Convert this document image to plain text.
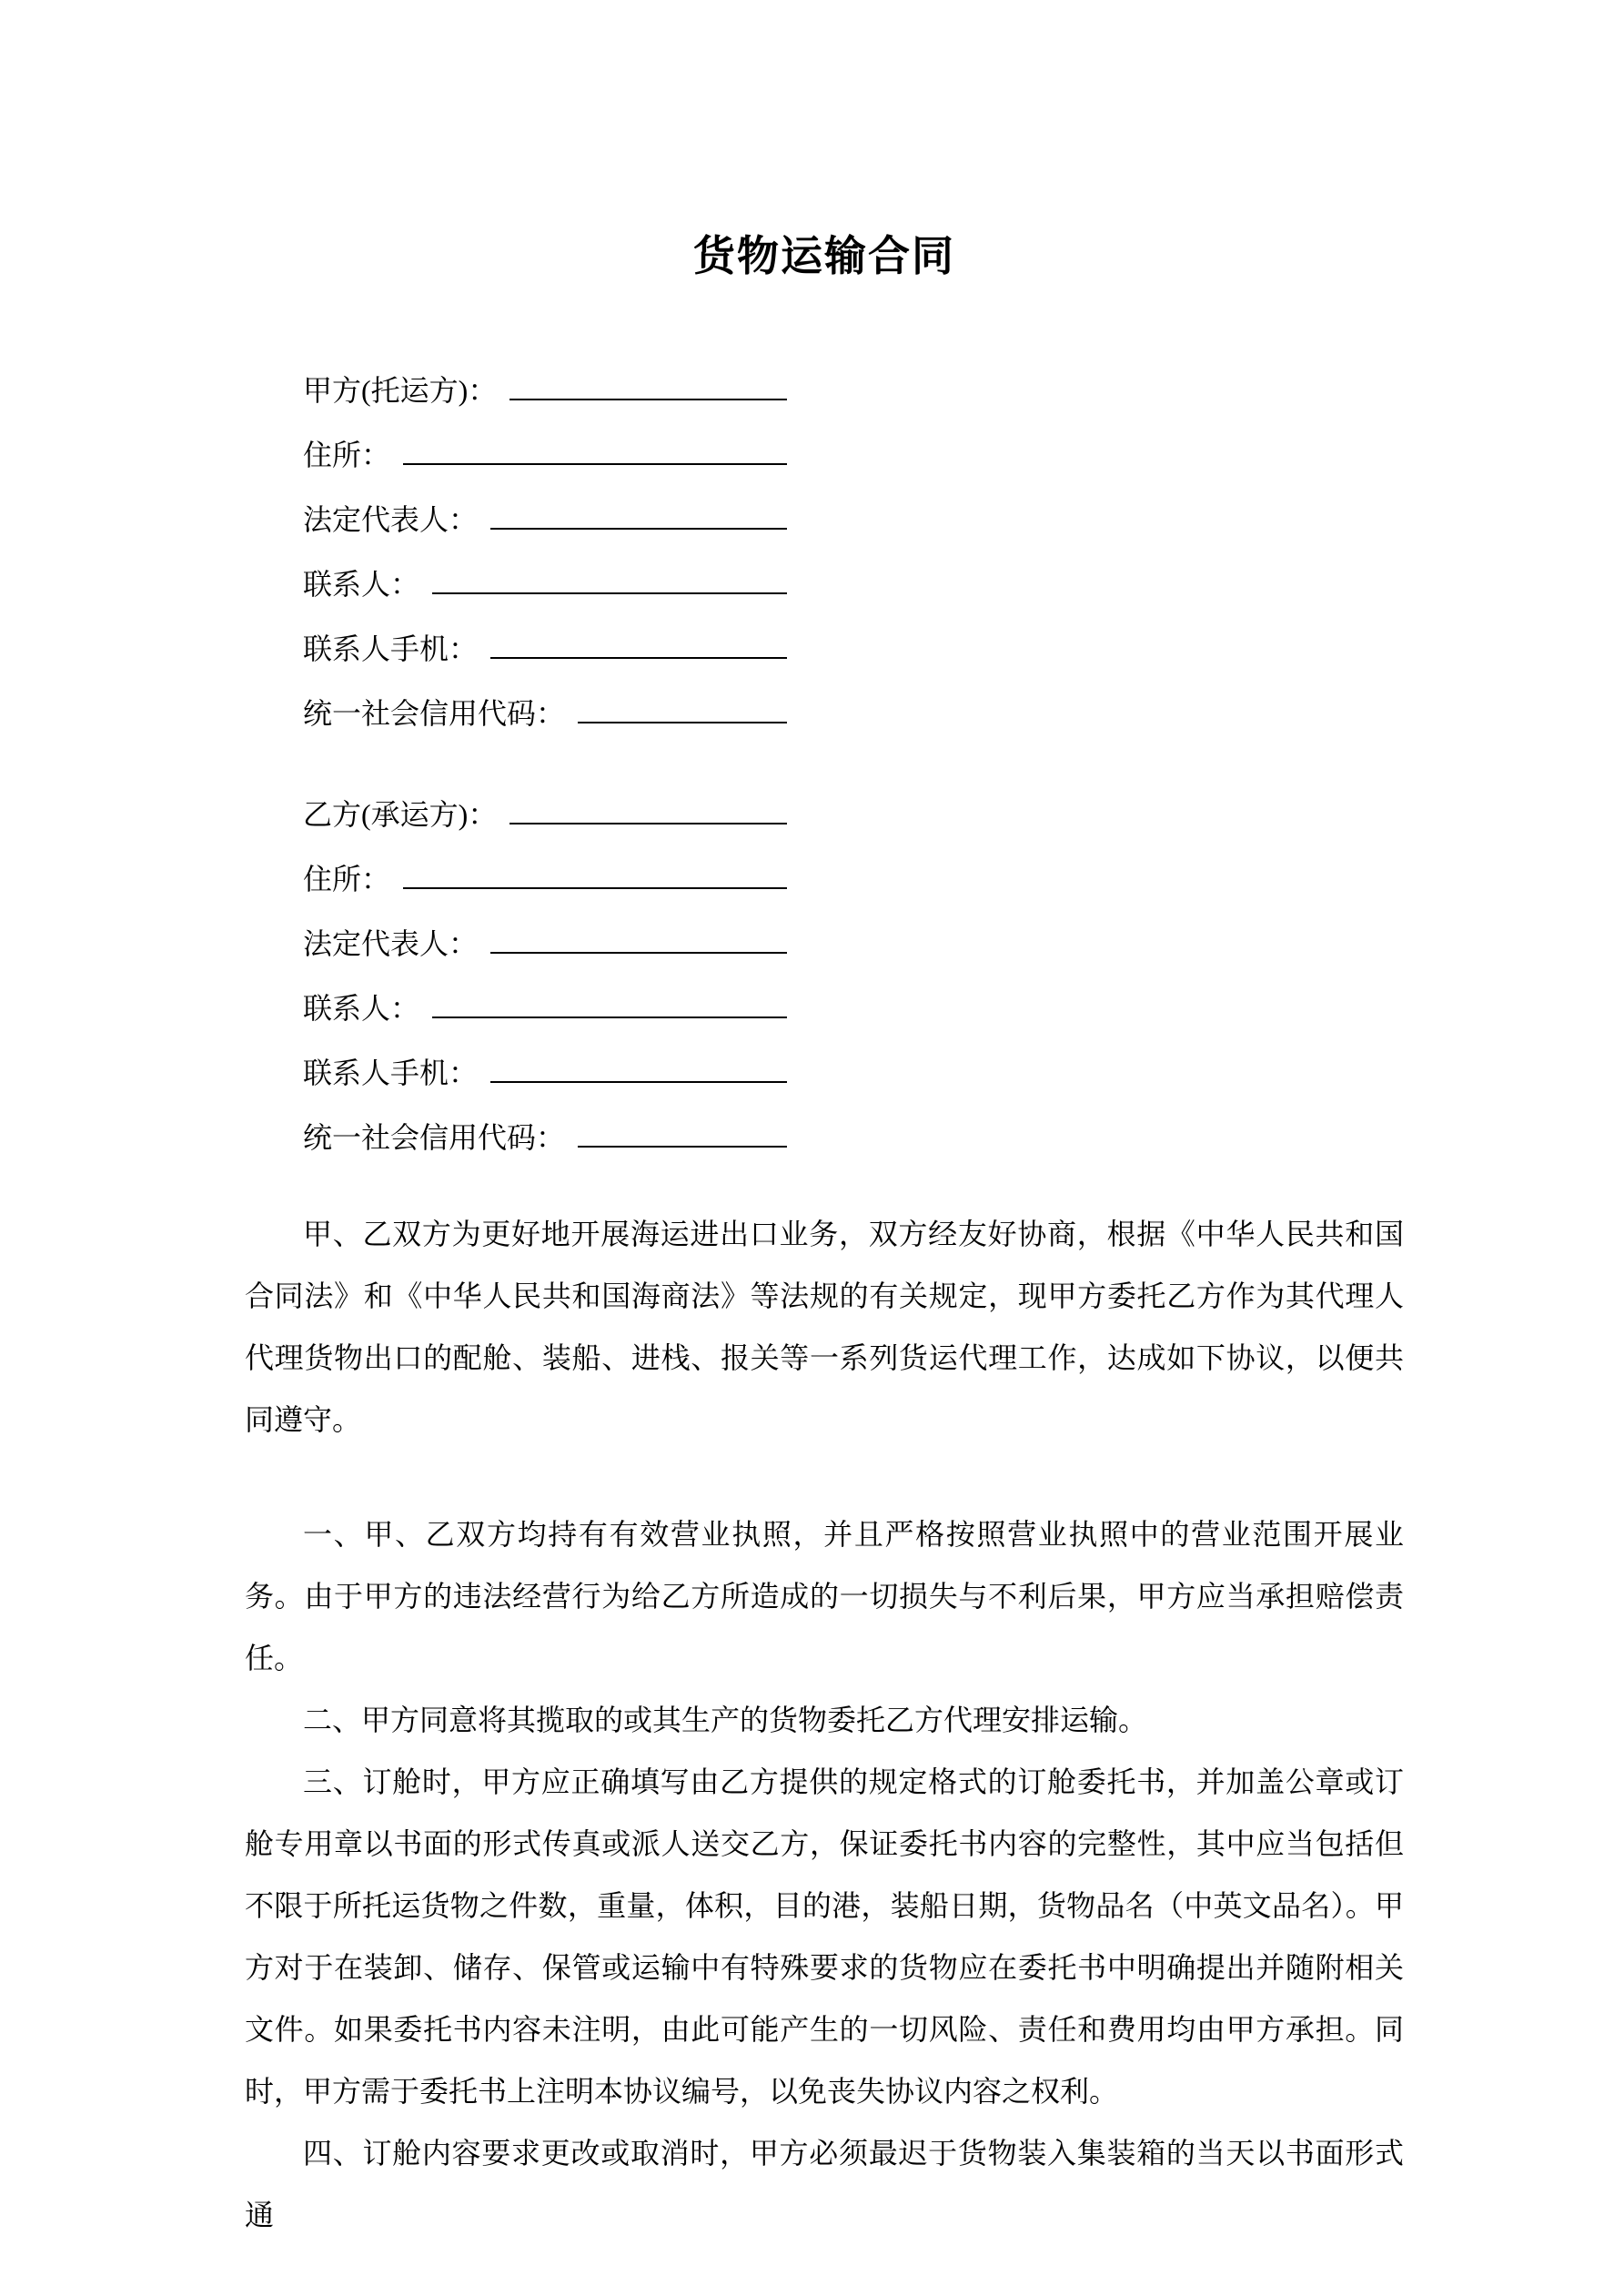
货物运输合同
甲方(托运方)：
住所：
法定代表人：
联系人：
联系人手机：
统一社会信用代码：
乙方(承运方)：
住所：
法定代表人：
联系人：
联系人手机：
统一社会信用代码：

甲、乙双方为更好地开展海运进出口业务，双方经友好协商，根据《中华人民共和国合同法》和《中华人民共和国海商法》等法规的有关规定，现甲方委托乙方作为其代理人代理货物出口的配舱、装船、进栈、报关等一系列货运代理工作，达成如下协议，以便共同遵守。

一、甲、乙双方均持有有效营业执照，并且严格按照营业执照中的营业范围开展业务。由于甲方的违法经营行为给乙方所造成的一切损失与不利后果，甲方应当承担赔偿责任。

二、甲方同意将其揽取的或其生产的货物委托乙方代理安排运输。

三、订舱时，甲方应正确填写由乙方提供的规定格式的订舱委托书，并加盖公章或订舱专用章以书面的形式传真或派人送交乙方，保证委托书内容的完整性，其中应当包括但不限于所托运货物之件数，重量，体积，目的港，装船日期，货物品名（中英文品名）。甲方对于在装卸、储存、保管或运输中有特殊要求的货物应在委托书中明确提出并随附相关文件。如果委托书内容未注明，由此可能产生的一切风险、责任和费用均由甲方承担。同时，甲方需于委托书上注明本协议编号，以免丧失协议内容之权利。

四、订舱内容要求更改或取消时，甲方必须最迟于货物装入集装箱的当天以书面形式通
